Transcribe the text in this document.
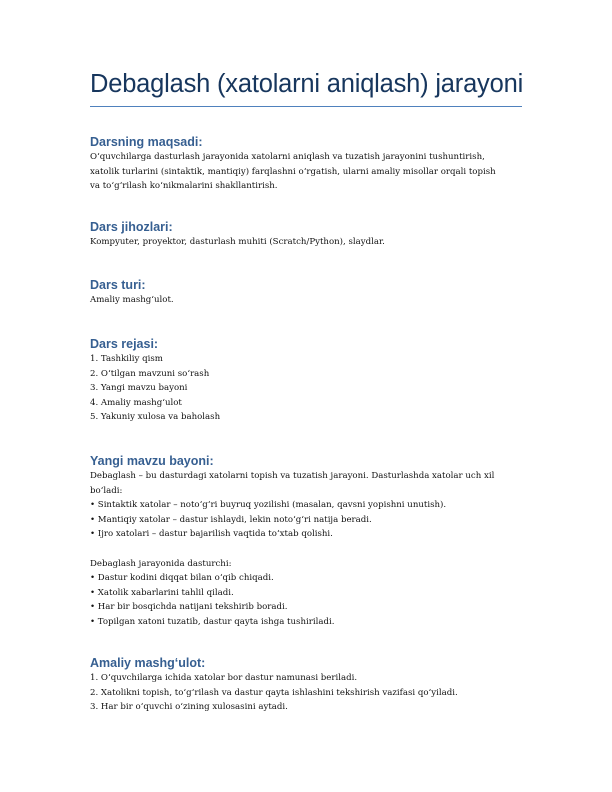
Debaglash (xatolarni aniqlash) jarayoni
Darsning maqsadi:
O‘quvchilarga dasturlash jarayonida xatolarni aniqlash va tuzatish jarayonini tushuntirish,
xatolik turlarini (sintaktik, mantiqiy) farqlashni o‘rgatish, ularni amaliy misollar orqali topish
va to‘g‘rilash ko‘nikmalarini shakllantirish.
Dars jihozlari:
Kompyuter, proyektor, dasturlash muhiti (Scratch/Python), slaydlar.
Dars turi:
Amaliy mashg‘ulot.
Dars rejasi:
1. Tashkiliy qism
2. O‘tilgan mavzuni so‘rash
3. Yangi mavzu bayoni
4. Amaliy mashg‘ulot
5. Yakuniy xulosa va baholash
Yangi mavzu bayoni:
Debaglash – bu dasturdagi xatolarni topish va tuzatish jarayoni. Dasturlashda xatolar uch xil
bo‘ladi:
• Sintaktik xatolar – noto‘g‘ri buyruq yozilishi (masalan, qavsni yopishni unutish).
• Mantiqiy xatolar – dastur ishlaydi, lekin noto‘g‘ri natija beradi.
• Ijro xatolari – dastur bajarilish vaqtida to‘xtab qolishi.
Debaglash jarayonida dasturchi:
• Dastur kodini diqqat bilan o‘qib chiqadi.
• Xatolik xabarlarini tahlil qiladi.
• Har bir bosqichda natijani tekshirib boradi.
• Topilgan xatoni tuzatib, dastur qayta ishga tushiriladi.
Amaliy mashg‘ulot:
1. O‘quvchilarga ichida xatolar bor dastur namunasi beriladi.
2. Xatolikni topish, to‘g‘rilash va dastur qayta ishlashini tekshirish vazifasi qo‘yiladi.
3. Har bir o‘quvchi o‘zining xulosasini aytadi.
